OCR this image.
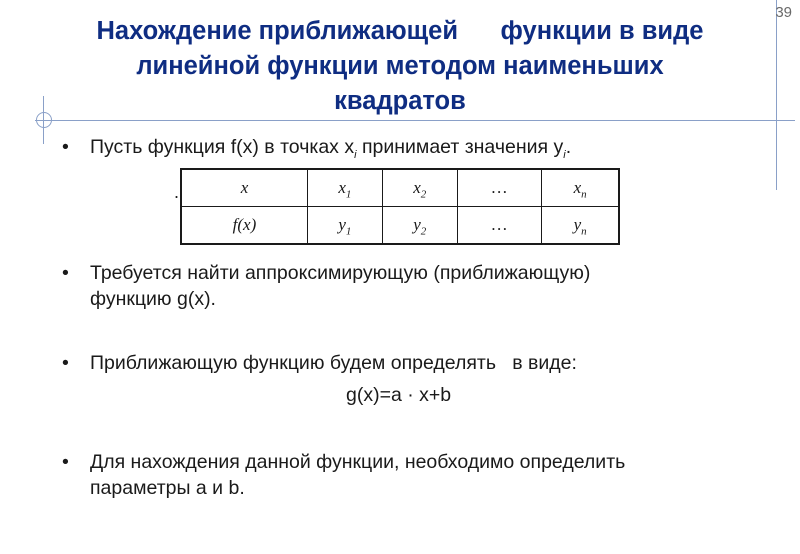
39
Нахождение приближающей      функции в виде
линейной функции методом наименьших
квадратов
• Пусть функция f(x) в точках $x_i$ принимает значения $y_i$.
.	x	$x_1$	$x_2$	…	$x_n$
f(x)	$y_1$	$y_2$	…	$y_n$
• Требуется найти аппроксимирующую (приближающую)
функцию g(x).
• Приближающую функцию будем определять   в виде:
g(x)=a · x+b
• Для нахождения данной функции, необходимо определить
параметры a и b.
